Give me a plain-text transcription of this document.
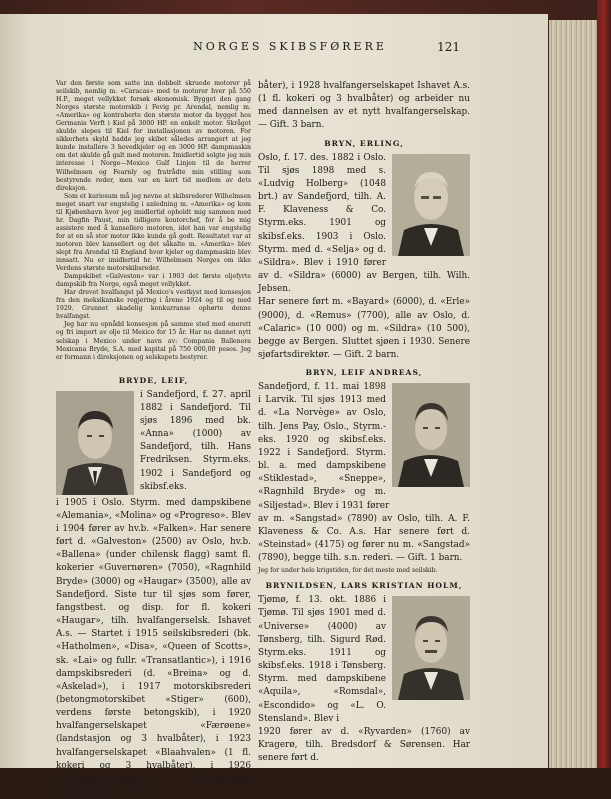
NORGES SKIBSFØRERE	121

Var den første som satte inn dobbelt skruede motorer på seilskib, nemlig m. «Caracas» med to motorer hver på 550 H.P., meget vellykket forsøk økonomisk. Bygget den gang Norges største motorskib i Fevig pr. Arendal, nemlig m. «Amerika» og kontraherte den største motor da bygget hos Germania Verft i Kiel på 3000 HP. en enkelt motor. Skråget skulde slepes til Kiel for installasjonen av motoren. For sikkerhets skyld hadde jeg skibet således arrangert at jeg kunde installere 3 hovedkjeler og en 3000 HP. dampmaskin om det skulde gå galt med motoren. Imidlertid solgte jeg min interesse i Norge—Mexico Gulf Linjen til de herrer Wilhelmsen og Fearnly og fratrådte min stilling som bestyrende reder, men var en kort tid medlem av dets direksjon.

Som et kuriosum må jeg nevne at skibsrederer Wilhelmsen meget snart var engstelig i anledning m. «Amerika» og kom til Kjøbenhavn hvor jeg imidlertid opholdt mig sammen med hr. Dagfin Paust, min tidligere kontorchef, for å be mig assistere med å kansellere motoren, idet han var engstelig for at en så stor motor ikke kunde gå godt. Resultatet var at motoren blev kansellert og det såkalte m. «Amerika» blev slept fra Arendal til England hvor kjeler og dampmaskin blev innsatt. Nu er imidlertid hr. Wilhelmsen Norges om ikke Verdens største motorskibsreder.

Dampskibet «Galveston» var i 1903 det første oljefyrte dampskib fra Norge, også meget vellykket.

Har drevet hvalfangst på Mexico's vestkyst med konsesjon fra den meksikanske regjering i årene 1924 og til og med 1929. Grunnet skadelig konkurranse ophørte denne hvalfangst.

Jeg har nu opnådd konsesjon på samme sted med enerett og fri import av olje til Mexico for 15 år. Har nu dannet nytt selskap i Mexico under navn av: Compania Ballenera Mexicana Bryde, S.A. med kapital på 750 000,00 pesos. Jeg er formann i direksjonen og selskapets bestyrer.

BRYDE, LEIF,

i Sandefjord, f. 27. april 1882 i Sandefjord. Til sjøs 1896 med bk. «Anna» (1000) av Sandefjord, tilh. Hans Fredriksen. Styrm.eks. 1902 i Sandefjord og skibsf.eks.

i 1905 i Oslo. Styrm. med dampskibene «Alemania», «Molina» og «Progreso». Blev i 1904 fører av hv.b. «Falken». Har senere ført d. «Galveston» (2500) av Oslo, hv.b. «Ballena» (under chilensk flagg) samt fl. kokerier «Guvernøren» (7050), «Ragnhild Bryde» (3000) og «Haugar» (3500), alle av Sandefjord. Siste tur til sjøs som fører, fangstbest. og disp. for fl. kokeri «Haugar», tilh. hvalfangerselsk. Ishavet A.s. — Startet i 1915 seilskibsrederi (bk. «Hatholmen», «Disa», «Queen of Scotts», sk. «Lai» og fullr. «Transatlantic»), i 1916 dampskibsrederi (d. «Breina» og d. «Askelad»), i 1917 motorskibsrederi (betongmotorskibet «Stiger» (600), verdens første betongskib), i 1920 hvalfangerselskapet «Færøene» (landstasjon og 3 hvalbåter), i 1923 hvalfangerselskapet «Blaahvalen» (1 fl. kokeri og 3 hvalbåter), i 1926 hvalfangerselskapet «Blomvaag» (landstasjon og 3 hval-

båter), i 1928 hvalfangerselskapet Ishavet A.s. (1 fl. kokeri og 3 hvalbåter) og arbeider nu med dannelsen av et nytt hvalfangerselskap. — Gift. 3 barn.

BRYN, ERLING,

Oslo, f. 17. des. 1882 i Oslo. Til sjøs 1898 med s. «Ludvig Holberg» (1048 brt.) av Sandefjord, tilh. A. F. Klaveness & Co. Styrm.eks. 1901 og skibsf.eks. 1903 i Oslo. Styrm. med d. «Selja» og d. «Sildra». Blev i 1910 fører av d. «Sildra» (6000) av Bergen, tilh. Wilh. Jebsen.

Har senere ført m. «Bayard» (6000), d. «Erle» (9000), d. «Remus» (7700), alle av Oslo, d. «Calaric» (10 000) og m. «Sildra» (10 500), begge av Bergen. Sluttet sjøen i 1930. Senere sjøfartsdirektør. — Gift. 2 barn.

BRYN, LEIF ANDREAS,

Sandefjord, f. 11. mai 1898 i Larvik. Til sjøs 1913 med d. «La Norvège» av Oslo, tilh. Jens Pay, Oslo., Styrm.-eks. 1920 og skibsf.eks. 1922 i Sandefjord. Styrm. bl. a. med dampskibene «Stiklestad», «Sneppe», «Ragnhild Bryde» og m. «Siljestad». Blev i 1931 fører

av m. «Sangstad» (7890) av Oslo, tilh. A. F. Klaveness & Co. A.s. Har senere ført d. «Steinstad» (4175) og fører nu m. «Sangstad» (7890), begge tilh. s.n. rederi. — Gift. 1 barn.

Jeg for under hele krigstiden, for det meste med seilskib.

BRYNILDSEN, LARS KRISTIAN HOLM,

Tjømø, f. 13. okt. 1886 i Tjømø. Til sjøs 1901 med d. «Universe» (4000) av Tønsberg, tilh. Sigurd Rød. Styrm.eks. 1911 og skibsf.eks. 1918 i Tønsberg. Styrm. med dampskibene «Aquila», «Romsdal», «Escondido» og «L. O. Stensland». Blev i

1920 fører av d. «Ryvarden» (1760) av Kragerø, tilh. Bredsdorf & Sørensen. Har senere ført d.
